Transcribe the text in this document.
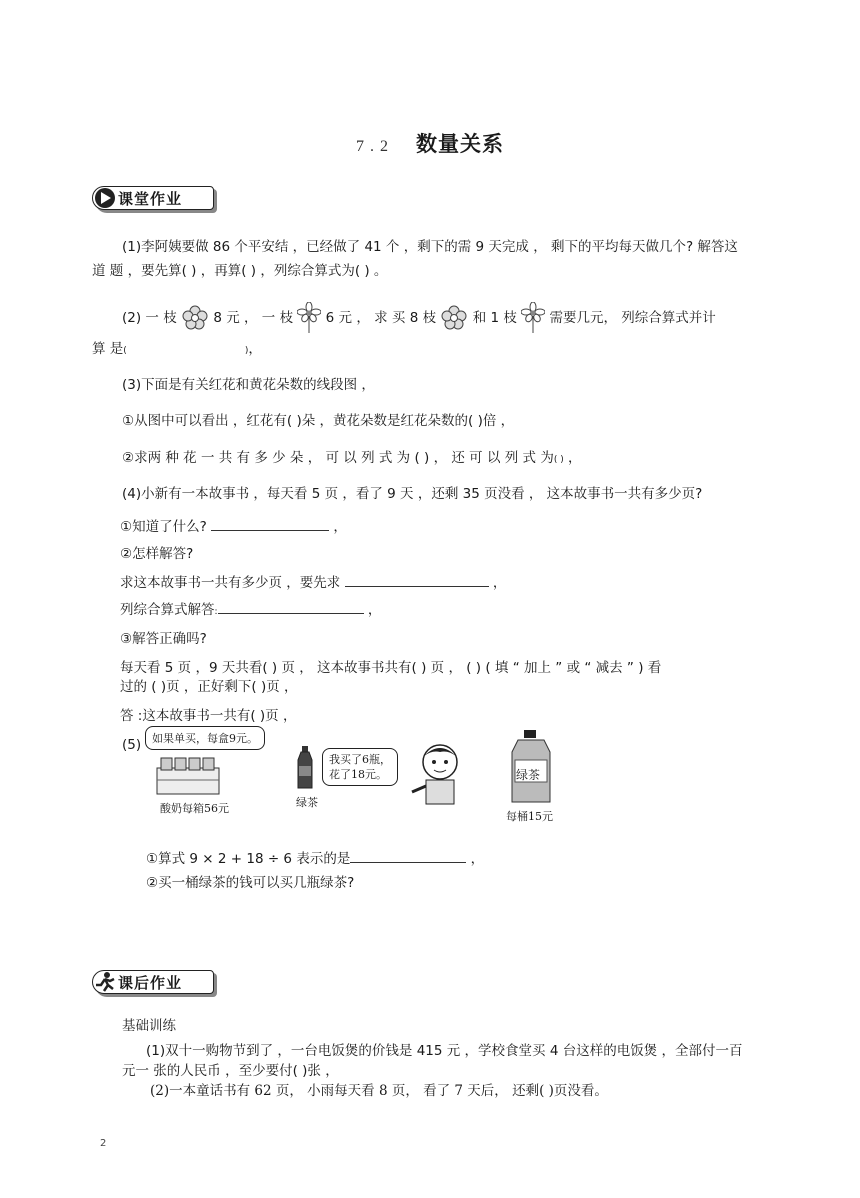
7.2 数量关系
课堂作业
(1)李阿姨要做 86 个平安结 ，已经做了 41 个 ，剩下的需 9 天完成 ， 剩下的平均每天做几个? 解答这
道 题 ，要先算( ) ，再算( ) ，列综合算式为( ) 。
(2) 一 枝	8 元 ， 一 枝 6 元 ， 求 买 8 枝	和 1 枝 需要几元， 列综合算式并计
算 是(	)，
(3)下面是有关红花和黄花朵数的线段图 ，
①从图中可以看出 ，红花有( )朵 ，黄花朵数是红花朵数的( )倍 ，
②求两 种 花 一 共 有 多 少 朵 ， 可 以 列 式 为 ( ) ， 还 可 以 列 式 为( ) ，
(4)小新有一本故事书 ，每天看 5 页 ，看了 9 天 ，还剩 35 页没看 ， 这本故事书一共有多少页?
①知道了什么?	，
②怎样解答?
求这本故事书一共有多少页 ，要先求	，
列综合算式解答:	，
③解答正确吗?
每天看 5 页 ，9 天共看( ) 页 ， 这本故事书共有( ) 页 ， ( ) ( 填 “ 加上 ” 或 “ 减去 ” ) 看
过的 ( )页 ，正好剩下( )页 ，
答 :这本故事书一共有( )页 ，
(5) 如果单买，每盒9元。
酸奶每箱56元	绿茶
我买了6瓶，
花了18元。	绿茶
每桶15元
①算式 9 × 2 + 18 ÷ 6 表示的是	，
②买一桶绿茶的钱可以买几瓶绿茶?
课后作业
基础训练
(1)双十一购物节到了 ，一台电饭煲的价钱是 415 元 ，学校食堂买 4 台这样的电饭煲 ，全部付一百
元一 张的人民币 ，至少要付( )张 ，
(2)一本童话书有 62 页， 小雨每天看 8 页， 看了 7 天后， 还剩( )页没看。
2
